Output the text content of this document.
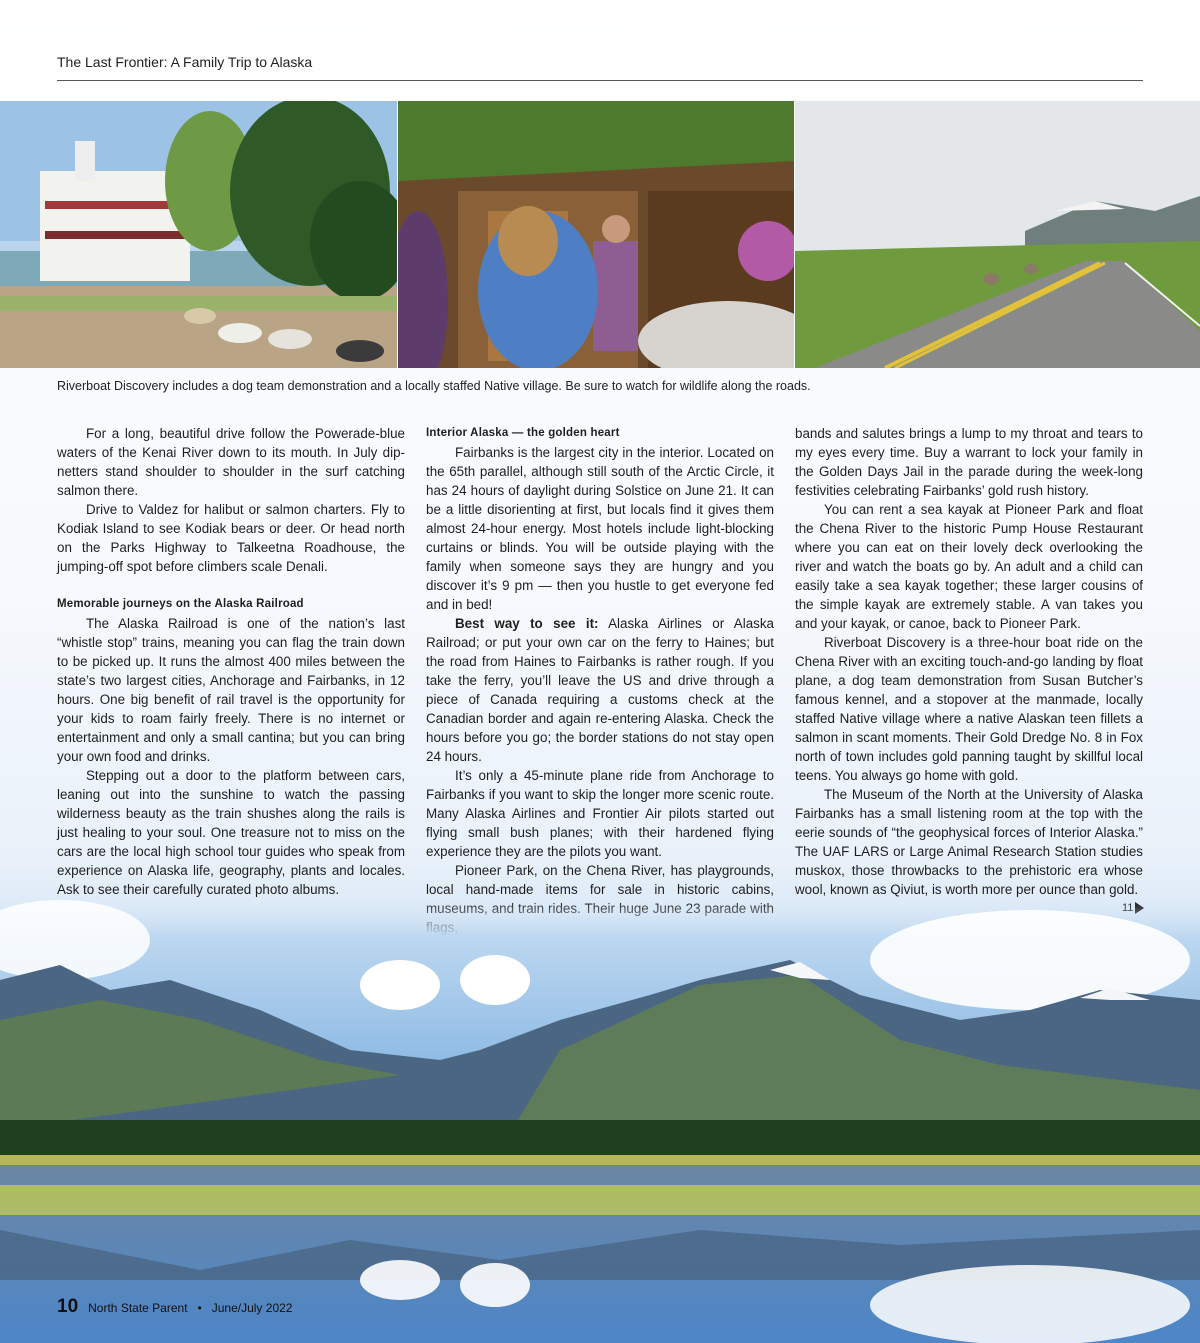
The Last Frontier: A Family Trip to Alaska
Riverboat Discovery includes a dog team demonstration and a locally staffed Native village. Be sure to watch for wildlife along the roads.

For a long, beautiful drive follow the Powerade-blue waters of the Kenai River down to its mouth. In July dip-netters stand shoulder to shoulder in the surf catching salmon there.

Drive to Valdez for halibut or salmon charters. Fly to Kodiak Island to see Kodiak bears or deer. Or head north on the Parks Highway to Talkeetna Roadhouse, the jumping-off spot before climbers scale Denali.

Memorable journeys on the Alaska Railroad

The Alaska Railroad is one of the nation’s last “whistle stop” trains, meaning you can flag the train down to be picked up. It runs the almost 400 miles between the state’s two largest cities, Anchorage and Fairbanks, in 12 hours. One big benefit of rail travel is the opportunity for your kids to roam fairly freely. There is no internet or entertainment and only a small cantina; but you can bring your own food and drinks.

Stepping out a door to the platform between cars, leaning out into the sunshine to watch the passing wilderness beauty as the train shushes along the rails is just healing to your soul. One treasure not to miss on the cars are the local high school tour guides who speak from experience on Alaska life, geography, plants and locales. Ask to see their carefully curated photo albums.

Interior Alaska — the golden heart

Fairbanks is the largest city in the interior. Located on the 65th parallel, although still south of the Arctic Circle, it has 24 hours of daylight during Solstice on June 21. It can be a little disorienting at first, but locals find it gives them almost 24-hour energy. Most hotels include light-blocking curtains or blinds. You will be outside playing with the family when someone says they are hungry and you discover it’s 9 pm — then you hustle to get everyone fed and in bed!

Best way to see it: Alaska Airlines or Alaska Railroad; or put your own car on the ferry to Haines; but the road from Haines to Fairbanks is rather rough. If you take the ferry, you’ll leave the US and drive through a piece of Canada requiring a customs check at the Canadian border and again re-entering Alaska. Check the hours before you go; the border stations do not stay open 24 hours.

It’s only a 45-minute plane ride from Anchorage to Fairbanks if you want to skip the longer more scenic route. Many Alaska Airlines and Frontier Air pilots started out flying small bush planes; with their hardened flying experience they are the pilots you want.

Pioneer Park, on the Chena River, has playgrounds, local hand-made items for sale in historic cabins,

bands and salutes brings a lump to my throat and tears to my eyes every time. Buy a warrant to lock your family in the Golden Days Jail in the parade during the week-long festivities celebrating Fairbanks’ gold rush history.

You can rent a sea kayak at Pioneer Park and float the Chena River to the historic Pump House Restaurant where you can eat on their lovely deck overlooking the river and watch the boats go by. An adult and a child can easily take a sea kayak together; these larger cousins of the simple kayak are extremely stable. A van takes you and your kayak, or canoe, back to Pioneer Park.

Riverboat Discovery is a three-hour boat ride on the Chena River with an exciting touch-and-go landing by float plane, a dog team demonstration from Susan Butcher’s famous kennel, and a stopover at the manmade, locally staffed Native village where a native Alaskan teen fillets a salmon in scant moments. Their Gold Dredge No. 8 in Fox north of town includes gold panning taught by skillful local teens. You always go home with gold.

The Museum of the North at the University of Alaska Fairbanks has a small listening room at the top with the eerie sounds of “the geophysical forces of Interior Alaska.” The UAF LARS or Large Animal Research Station studies muskox, those throwbacks to the prehistoric era whose wool, known as Qiviut, is worth more per ounce than gold.

10 North State Parent • June/July 2022
